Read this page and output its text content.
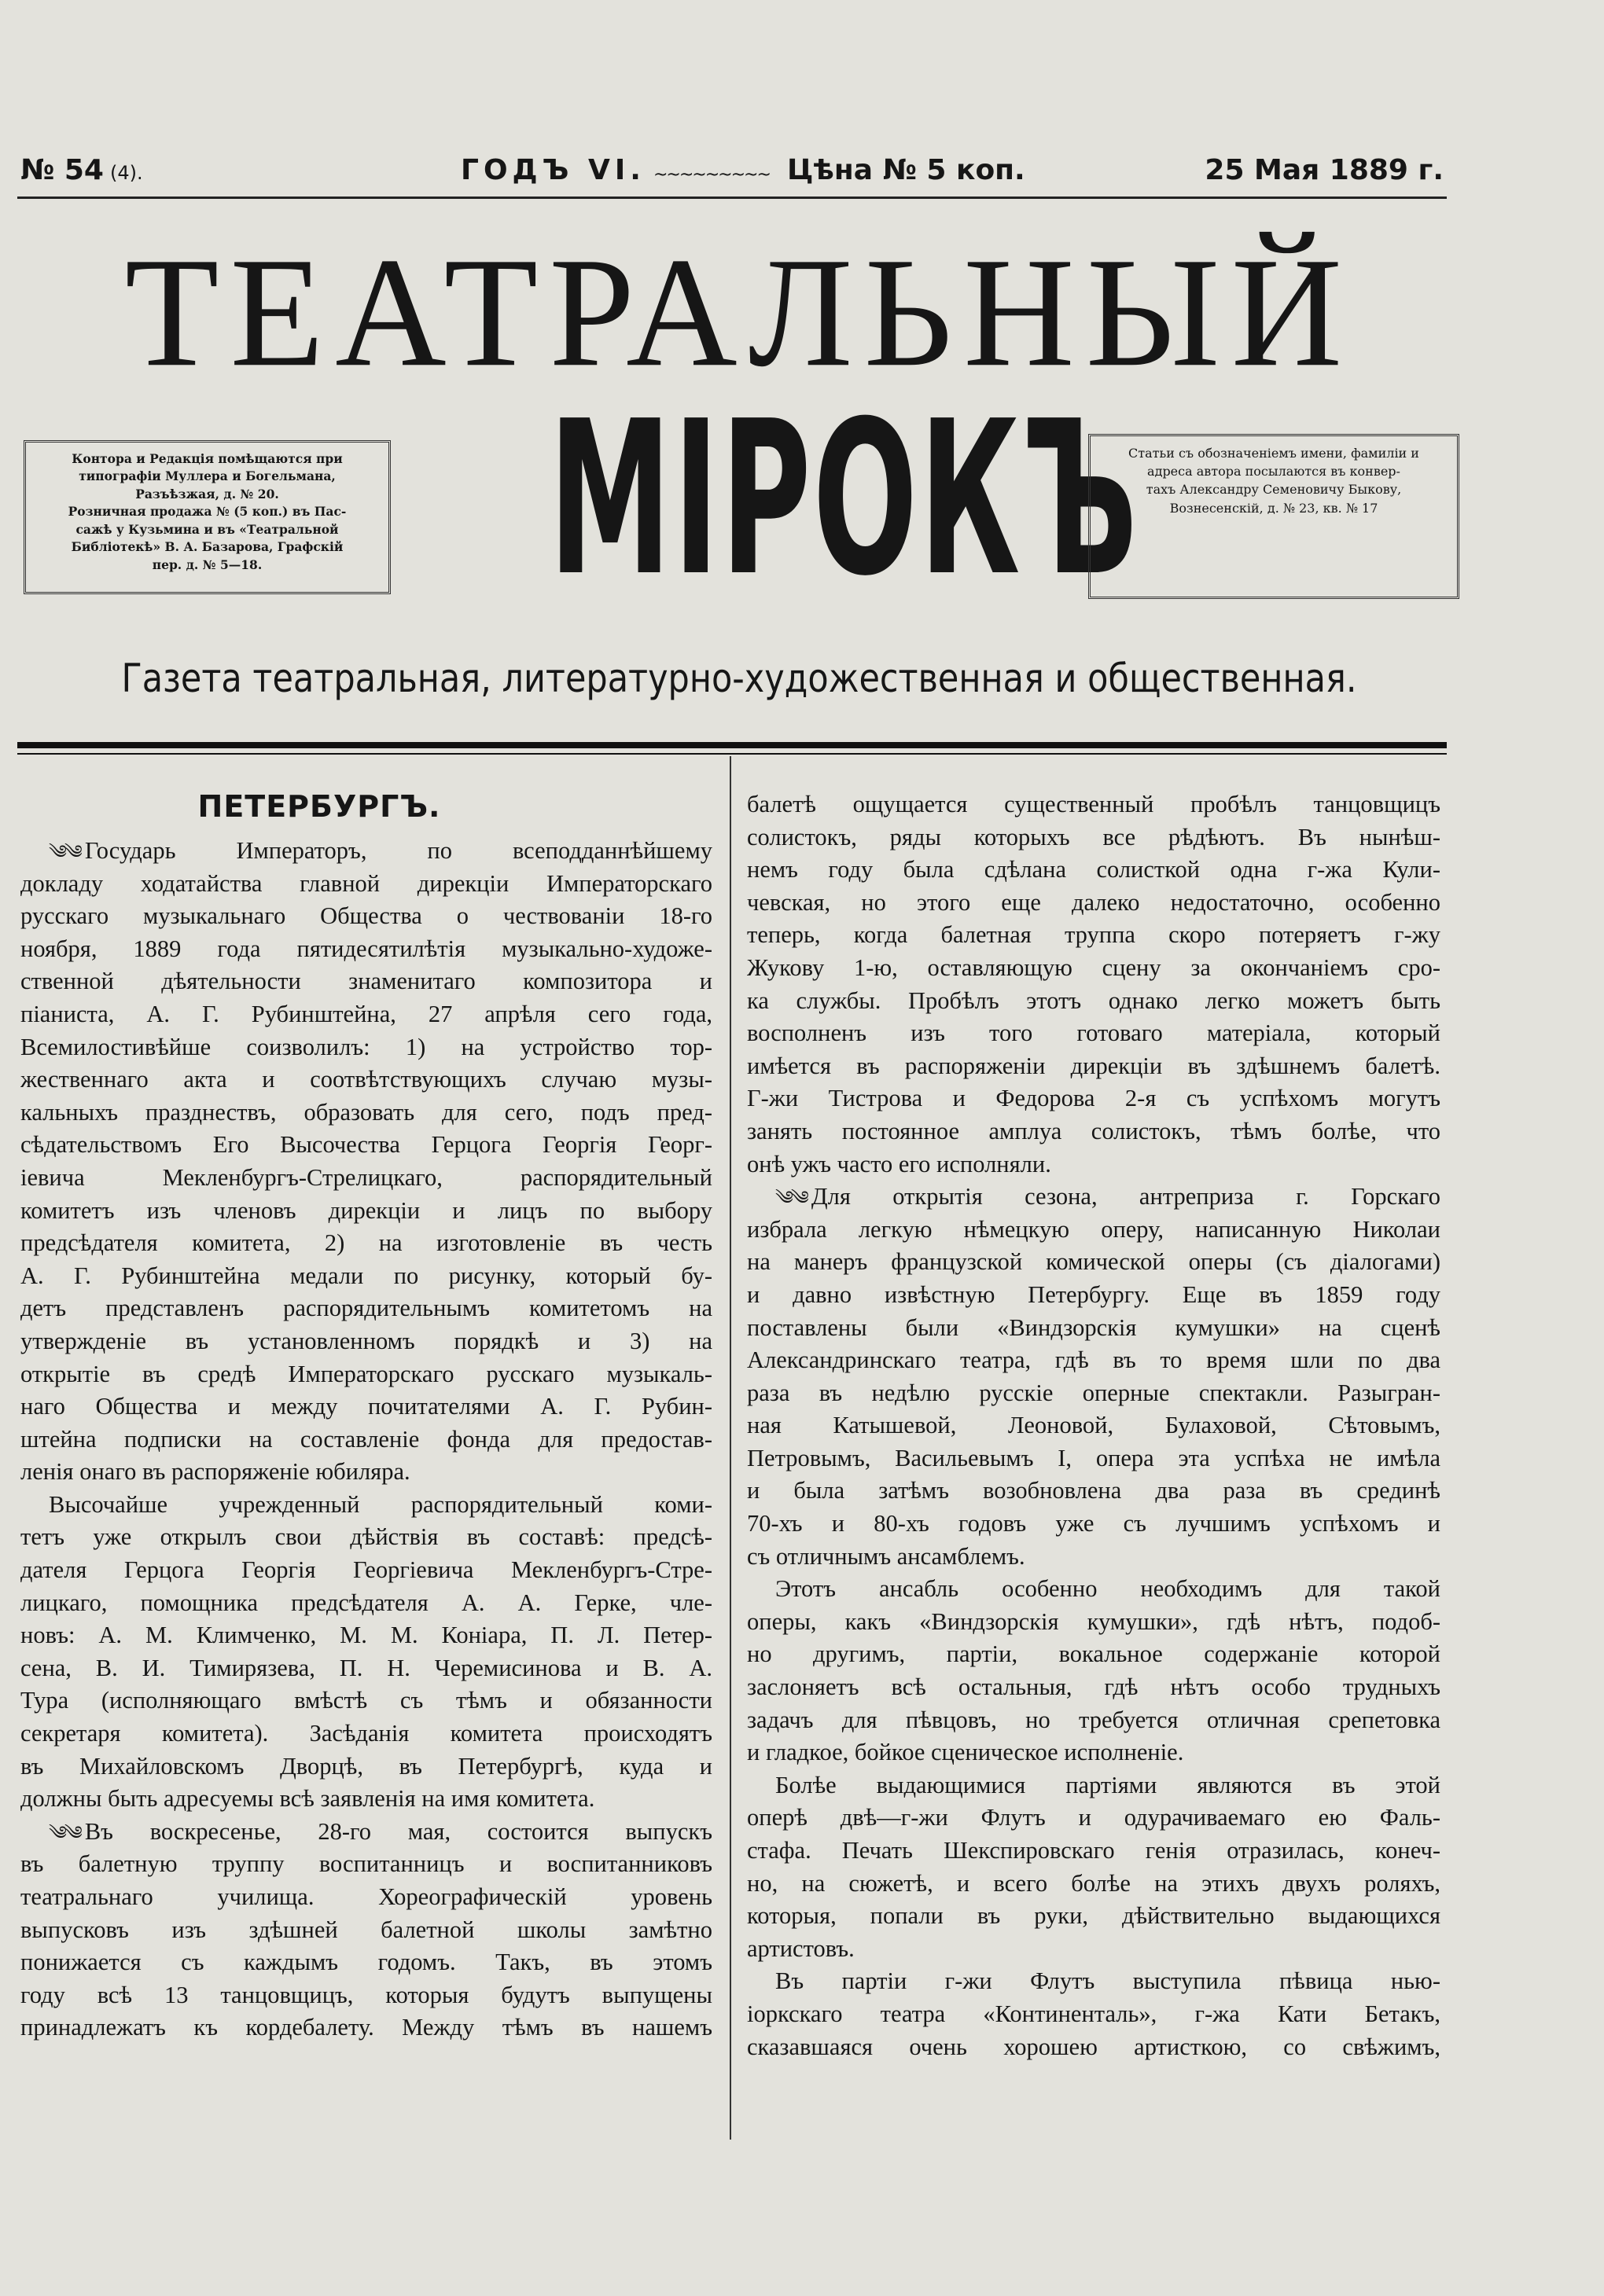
№ 54 (4).	ГОДЪ VI. ~~~~~~~~~ Цѣна № 5 коп.	25 Мая 1889 г.
ТЕАТРАЛЬНЫЙ

Контора и Редакція помѣщаются при

типографіи Муллера и Богельмана,

Разъѣзжая, д. № 20.

Розничная продажа № (5 коп.) въ Пас-

сажѣ у Кузьмина и въ «Театральной

Библіотекѣ» В. А. Базарова, Графскій

пер. д. № 5—18.	МІРОКЪ

Статьи съ обозначеніемъ имени, фамиліи и

адреса автора посылаются въ конвер-

тахъ Александру Семеновичу Быкову,

Вознесенскій, д. № 23, кв. № 17

Газета театральная, литературно-художественная и общественная.
ПЕТЕРБУРГЪ.
༄༄ Государь Императоръ, по всеподданнѣйшему
докладу ходатайства главной дирекціи Императорскаго
русскаго музыкальнаго Общества о чествованіи 18-го
ноября, 1889 года пятидесятилѣтія музыкально-художе-
ственной дѣятельности знаменитаго композитора и
піаниста, А. Г. Рубинштейна, 27 апрѣля сего года,
Всемилостивѣйше соизволилъ: 1) на устройство тор-
жественнаго акта и соотвѣтствующихъ случаю музы-
кальныхъ празднествъ, образовать для сего, подъ пред-
сѣдательствомъ Его Высочества Герцога Георгія Георг-
іевича Мекленбургъ-Стрелицкаго, распорядительный
комитетъ изъ членовъ дирекціи и лицъ по выбору
предсѣдателя комитета, 2) на изготовленіе въ честь
А. Г. Рубинштейна медали по рисунку, который бу-
детъ представленъ распорядительнымъ комитетомъ на
утвержденіе въ установленномъ порядкѣ и 3) на
открытіе въ средѣ Императорскаго русскаго музыкаль-
наго Общества и между почитателями А. Г. Рубин-
штейна подписки на составленіе фонда для предостав-
ленія онаго въ распоряженіе юбиляра.
Высочайше учрежденный распорядительный коми-
тетъ уже открылъ свои дѣйствія въ составѣ: предсѣ-
дателя Герцога Георгія Георгіевича Мекленбургъ-Стре-
лицкаго, помощника предсѣдателя А. А. Герке, чле-
новъ: А. М. Климченко, М. М. Коніара, П. Л. Петер-
сена, В. И. Тимирязева, П. Н. Черемисинова и В. А.
Тура (исполняющаго вмѣстѣ съ тѣмъ и обязанности
секретаря комитета). Засѣданія комитета происходятъ
въ Михайловскомъ Дворцѣ, въ Петербургѣ, куда и
должны быть адресуемы всѣ заявленія на имя комитета.
༄༄ Въ воскресенье, 28-го мая, состоится выпускъ
въ балетную труппу воспитанницъ и воспитанниковъ
театральнаго училища. Хореографическій уровень
выпусковъ изъ здѣшней балетной школы замѣтно
понижается съ каждымъ годомъ. Такъ, въ этомъ
году всѣ 13 танцовщицъ, которыя будутъ выпущены
принадлежатъ къ кордебалету. Между тѣмъ въ нашемъ
балетѣ ощущается существенный пробѣлъ танцовщицъ
солистокъ, ряды которыхъ все рѣдѣютъ. Въ нынѣш-
немъ году была сдѣлана солисткой одна г-жа Кули-
чевская, но этого еще далеко недостаточно, особенно
теперь, когда балетная труппа скоро потеряетъ г-жу
Жукову 1-ю, оставляющую сцену за окончаніемъ сро-
ка службы. Пробѣлъ этотъ однако легко можетъ быть
восполненъ изъ того готоваго матеріала, который
имѣется въ распоряженіи дирекціи въ здѣшнемъ балетѣ.
Г-жи Тистрова и Федорова 2-я съ успѣхомъ могутъ
занять постоянное амплуа солистокъ, тѣмъ болѣе, что
онѣ ужъ часто его исполняли.
༄༄ Для открытія сезона, антреприза г. Горскаго
избрала легкую нѣмецкую оперу, написанную Николаи
на манеръ французской комической оперы (съ діалогами)
и давно извѣстную Петербургу. Еще въ 1859 году
поставлены были «Виндзорскія кумушки» на сценѣ
Александринскаго театра, гдѣ въ то время шли по два
раза въ недѣлю русскіе оперные спектакли. Разыгран-
ная Катышевой, Леоновой, Булаховой, Сѣтовымъ,
Петровымъ, Васильевымъ I, опера эта успѣха не имѣла
и была затѣмъ возобновлена два раза въ срединѣ
70-хъ и 80-хъ годовъ уже съ лучшимъ успѣхомъ и
съ отличнымъ ансамблемъ.
Этотъ ансабль особенно необходимъ для такой
оперы, какъ «Виндзорскія кумушки», гдѣ нѣтъ, подоб-
но другимъ, партіи, вокальное содержаніе которой
заслоняетъ всѣ остальныя, гдѣ нѣтъ особо трудныхъ
задачъ для пѣвцовъ, но требуется отличная срепетовка
и гладкое, бойкое сценическое исполненіе.
Болѣе выдающимися партіями являются въ этой
оперѣ двѣ—г-жи Флутъ и одурачиваемаго ею Фаль-
стафа. Печать Шекспировскаго генія отразилась, конеч-
но, на сюжетѣ, и всего болѣе на этихъ двухъ роляхъ,
которыя, попали въ руки, дѣйствительно выдающихся
артистовъ.
Въ партіи г-жи Флутъ выступила пѣвица нью-
іоркскаго театра «Континенталь», г-жа Кати Бетакъ,
сказавшаяся очень хорошею артисткою, со свѣжимъ,
